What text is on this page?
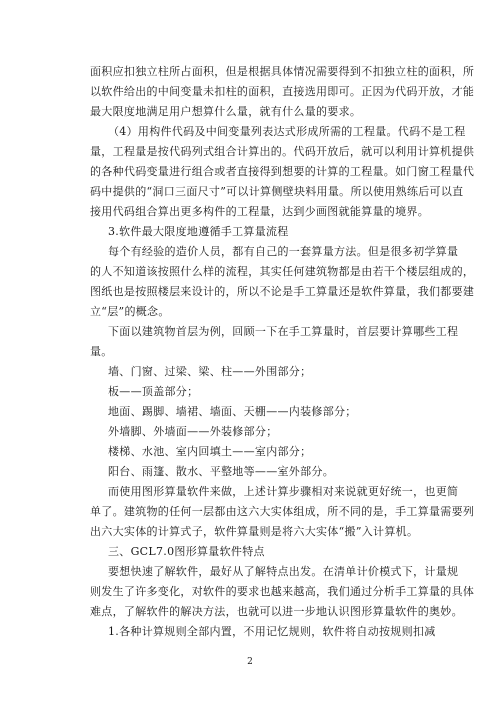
面积应扣独立柱所占面积，但是根据具体情况需要得到不扣独立柱的面积，所
以软件给出的中间变量未扣柱的面积，直接选用即可。正因为代码开放，才能
最大限度地满足用户想算什么量，就有什么量的要求。
（4）用构件代码及中间变量列表达式形成所需的工程量。代码不是工程
量，工程量是按代码列式组合计算出的。代码开放后，就可以利用计算机提供
的各种代码变量进行组合或者直接得到想要的计算的工程量。如门窗工程量代
码中提供的“洞口三面尺寸”可以计算侧壁块料用量。所以使用熟练后可以直
接用代码组合算出更多构件的工程量，达到少画图就能算量的境界。
3.软件最大限度地遵循手工算量流程
每个有经验的造价人员，都有自己的一套算量方法。但是很多初学算量
的人不知道该按照什么样的流程，其实任何建筑物都是由若干个楼层组成的，
图纸也是按照楼层来设计的，所以不论是手工算量还是软件算量，我们都要建
立“层”的概念。
下面以建筑物首层为例，回顾一下在手工算量时，首层要计算哪些工程
量。
墙、门窗、过梁、梁、柱——外围部分；
板——顶盖部分；
地面、踢脚、墙裙、墙面、天棚——内装修部分；
外墙脚、外墙面——外装修部分；
楼梯、水池、室内回填土——室内部分；
阳台、雨篷、散水、平整地等——室外部分。
而使用图形算量软件来做，上述计算步骤相对来说就更好统一，也更简
单了。建筑物的任何一层都由这六大实体组成，所不同的是，手工算量需要列
出六大实体的计算式子，软件算量则是将六大实体“搬”入计算机。
三、GCL7.0图形算量软件特点
要想快速了解软件，最好从了解特点出发。在清单计价模式下，计量规
则发生了许多变化，对软件的要求也越来越高，我们通过分析手工算量的具体
难点，了解软件的解决方法，也就可以进一步地认识图形算量软件的奥妙。
1.各种计算规则全部内置，不用记忆规则，软件将自动按规则扣减
2
